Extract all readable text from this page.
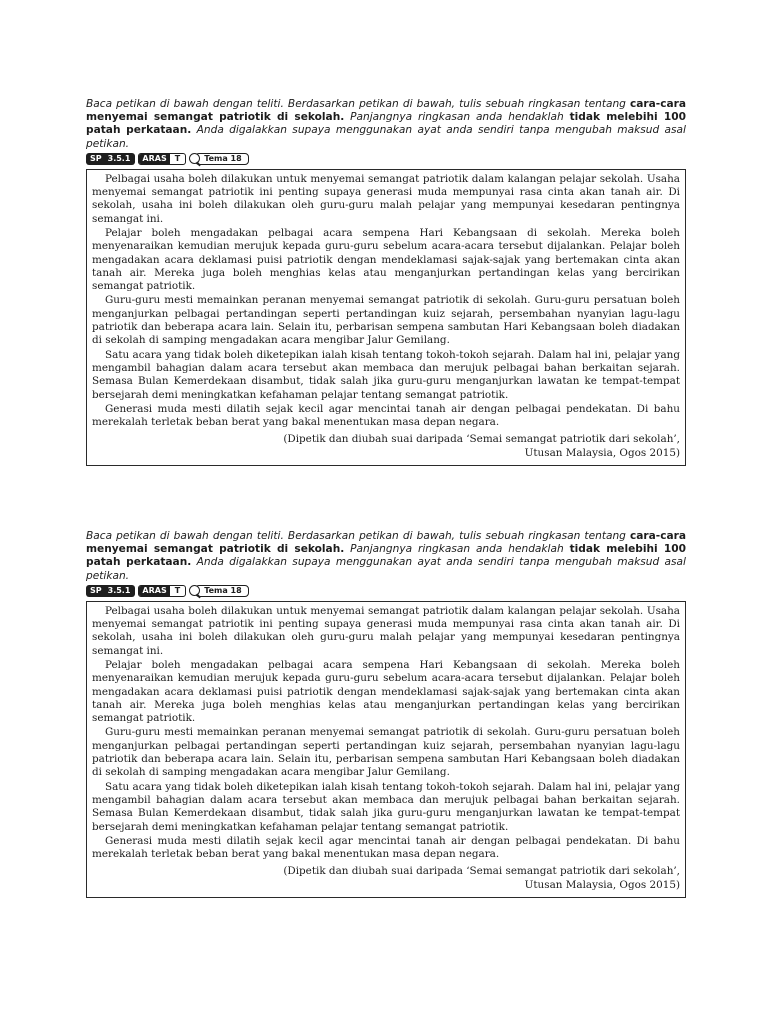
Baca petikan di bawah dengan teliti. Berdasarkan petikan di bawah, tulis sebuah ringkasan tentang cara-cara menyemai semangat patriotik di sekolah. Panjangnya ringkasan anda hendaklah tidak melebihi 100 patah perkataan. Anda digalakkan supaya menggunakan ayat anda sendiri tanpa mengubah maksud asal petikan.

SP 3.5.1	ARAS	T	Tema 18

Pelbagai usaha boleh dilakukan untuk menyemai semangat patriotik dalam kalangan pelajar sekolah. Usaha menyemai semangat patriotik ini penting supaya generasi muda mempunyai rasa cinta akan tanah air. Di sekolah, usaha ini boleh dilakukan oleh guru-guru malah pelajar yang mempunyai kesedaran pentingnya semangat ini.

Pelajar boleh mengadakan pelbagai acara sempena Hari Kebangsaan di sekolah. Mereka boleh menyenaraikan kemudian merujuk kepada guru-guru sebelum acara-acara tersebut dijalankan. Pelajar boleh mengadakan acara deklamasi puisi patriotik dengan mendeklamasi sajak-sajak yang bertemakan cinta akan tanah air. Mereka juga boleh menghias kelas atau menganjurkan pertandingan kelas yang bercirikan semangat patriotik.

Guru-guru mesti memainkan peranan menyemai semangat patriotik di sekolah. Guru-guru persatuan boleh menganjurkan pelbagai pertandingan seperti pertandingan kuiz sejarah, persembahan nyanyian lagu-lagu patriotik dan beberapa acara lain. Selain itu, perbarisan sempena sambutan Hari Kebangsaan boleh diadakan di sekolah di samping mengadakan acara mengibar Jalur Gemilang.

Satu acara yang tidak boleh diketepikan ialah kisah tentang tokoh-tokoh sejarah. Dalam hal ini, pelajar yang mengambil bahagian dalam acara tersebut akan membaca dan merujuk pelbagai bahan berkaitan sejarah. Semasa Bulan Kemerdekaan disambut, tidak salah jika guru-guru menganjurkan lawatan ke tempat-tempat bersejarah demi meningkatkan kefahaman pelajar tentang semangat patriotik.

Generasi muda mesti dilatih sejak kecil agar mencintai tanah air dengan pelbagai pendekatan. Di bahu merekalah terletak beban berat yang bakal menentukan masa depan negara.

(Dipetik dan diubah suai daripada ‘Semai semangat patriotik dari sekolah’,
Utusan Malaysia, Ogos 2015)

Baca petikan di bawah dengan teliti. Berdasarkan petikan di bawah, tulis sebuah ringkasan tentang cara-cara menyemai semangat patriotik di sekolah. Panjangnya ringkasan anda hendaklah tidak melebihi 100 patah perkataan. Anda digalakkan supaya menggunakan ayat anda sendiri tanpa mengubah maksud asal petikan.

SP 3.5.1	ARAS	T	Tema 18

Pelbagai usaha boleh dilakukan untuk menyemai semangat patriotik dalam kalangan pelajar sekolah. Usaha menyemai semangat patriotik ini penting supaya generasi muda mempunyai rasa cinta akan tanah air. Di sekolah, usaha ini boleh dilakukan oleh guru-guru malah pelajar yang mempunyai kesedaran pentingnya semangat ini.

Pelajar boleh mengadakan pelbagai acara sempena Hari Kebangsaan di sekolah. Mereka boleh menyenaraikan kemudian merujuk kepada guru-guru sebelum acara-acara tersebut dijalankan. Pelajar boleh mengadakan acara deklamasi puisi patriotik dengan mendeklamasi sajak-sajak yang bertemakan cinta akan tanah air. Mereka juga boleh menghias kelas atau menganjurkan pertandingan kelas yang bercirikan semangat patriotik.

Guru-guru mesti memainkan peranan menyemai semangat patriotik di sekolah. Guru-guru persatuan boleh menganjurkan pelbagai pertandingan seperti pertandingan kuiz sejarah, persembahan nyanyian lagu-lagu patriotik dan beberapa acara lain. Selain itu, perbarisan sempena sambutan Hari Kebangsaan boleh diadakan di sekolah di samping mengadakan acara mengibar Jalur Gemilang.

Satu acara yang tidak boleh diketepikan ialah kisah tentang tokoh-tokoh sejarah. Dalam hal ini, pelajar yang mengambil bahagian dalam acara tersebut akan membaca dan merujuk pelbagai bahan berkaitan sejarah. Semasa Bulan Kemerdekaan disambut, tidak salah jika guru-guru menganjurkan lawatan ke tempat-tempat bersejarah demi meningkatkan kefahaman pelajar tentang semangat patriotik.

Generasi muda mesti dilatih sejak kecil agar mencintai tanah air dengan pelbagai pendekatan. Di bahu merekalah terletak beban berat yang bakal menentukan masa depan negara.

(Dipetik dan diubah suai daripada ‘Semai semangat patriotik dari sekolah’,
Utusan Malaysia, Ogos 2015)
